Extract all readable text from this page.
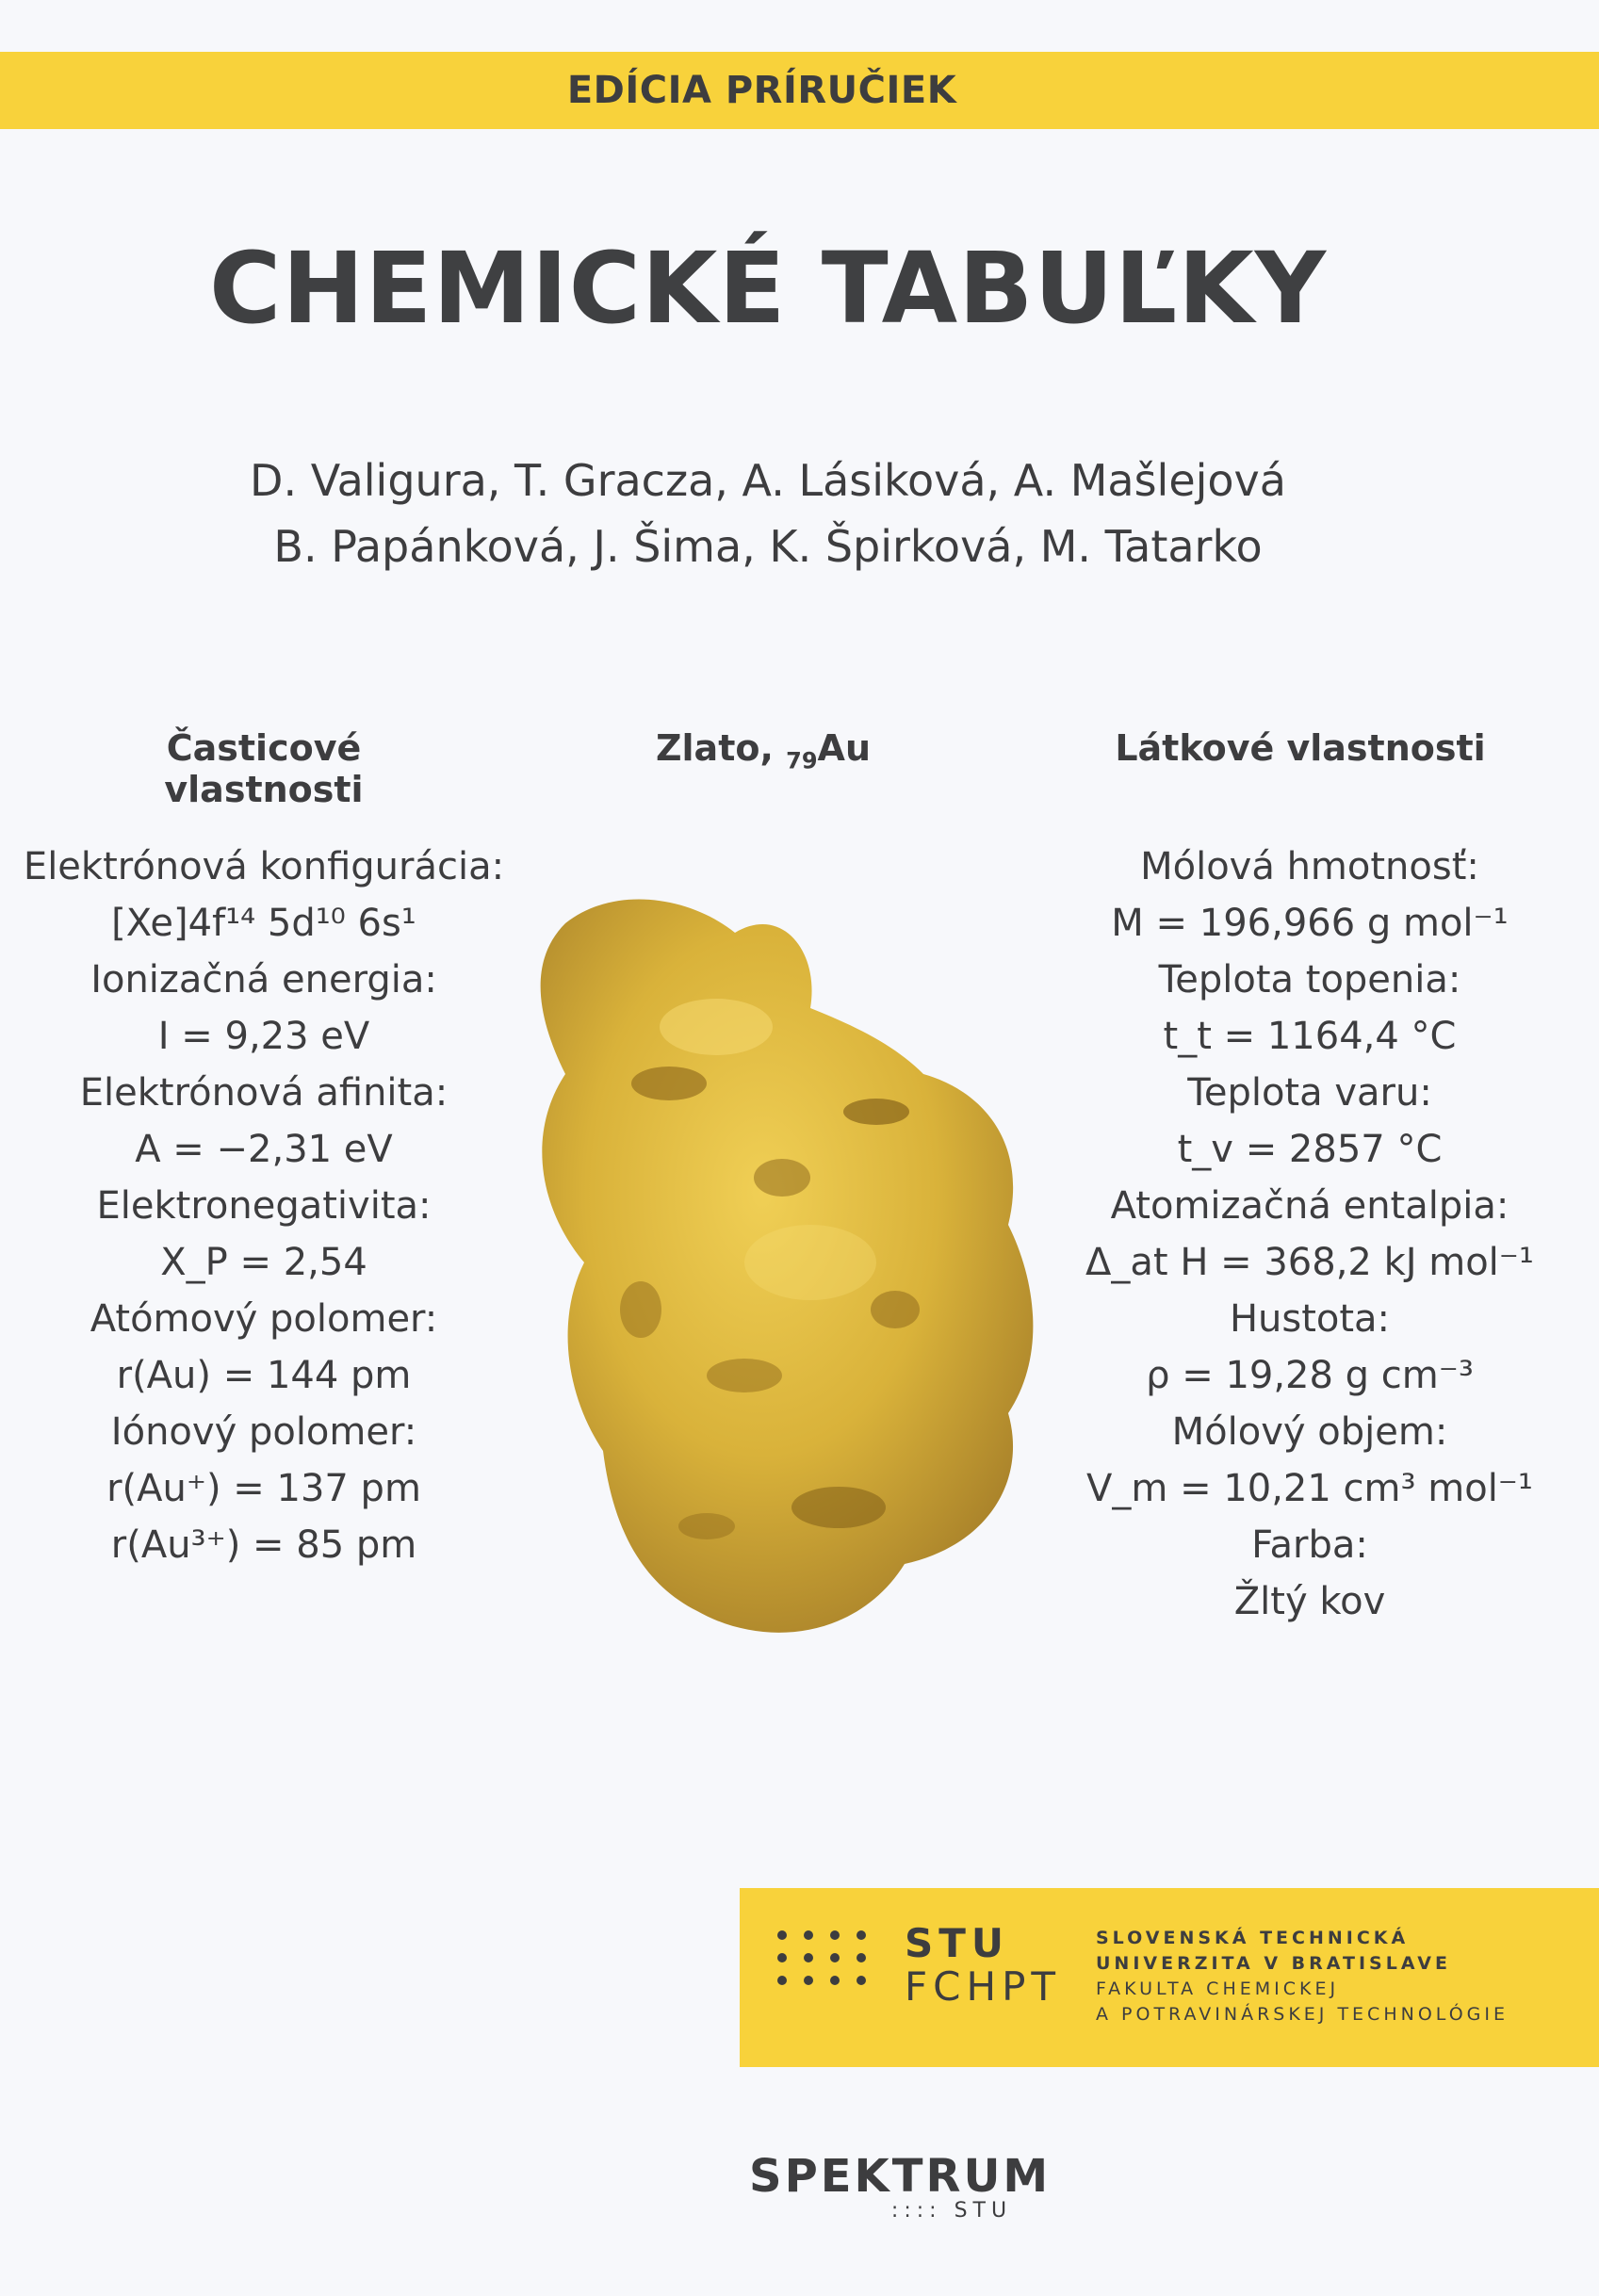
EDÍCIA PRÍRUČIEK
CHEMICKÉ TABUĽKY
D. Valigura, T. Gracza, A. Lásiková, A. Mašlejová
B. Papánková, J. Šima, K. Špirková, M. Tatarko
Časticové vlastnosti
Zlato, $_{79}$Au	Látkové vlastnosti
Elektrónová konfigurácia:
[Xe]4f¹⁴ 5d¹⁰ 6s¹
Ionizačná energia:
I = 9,23 eV
Elektrónová afinita:
A = −2,31 eV
Elektronegativita:
X_P = 2,54
Atómový polomer:
r(Au) = 144 pm
Iónový polomer:
r(Au⁺) = 137 pm
r(Au³⁺) = 85 pm
Mólová hmotnosť:
M = 196,966 g mol⁻¹
Teplota topenia:
t_t = 1164,4 °C
Teplota varu:
t_v = 2857 °C
Atomizačná entalpia:
Δ_at H = 368,2 kJ mol⁻¹
Hustota:
ρ = 19,28 g cm⁻³
Mólový objem:
V_m = 10,21 cm³ mol⁻¹
Farba:
Žltý kov
STU
FCHPT
SLOVENSKÁ TECHNICKÁ
UNIVERZITA V BRATISLAVE
FAKULTA CHEMICKEJ
A POTRAVINÁRSKEJ TECHNOLÓGIE
SPEKTRUM
:::: STU
